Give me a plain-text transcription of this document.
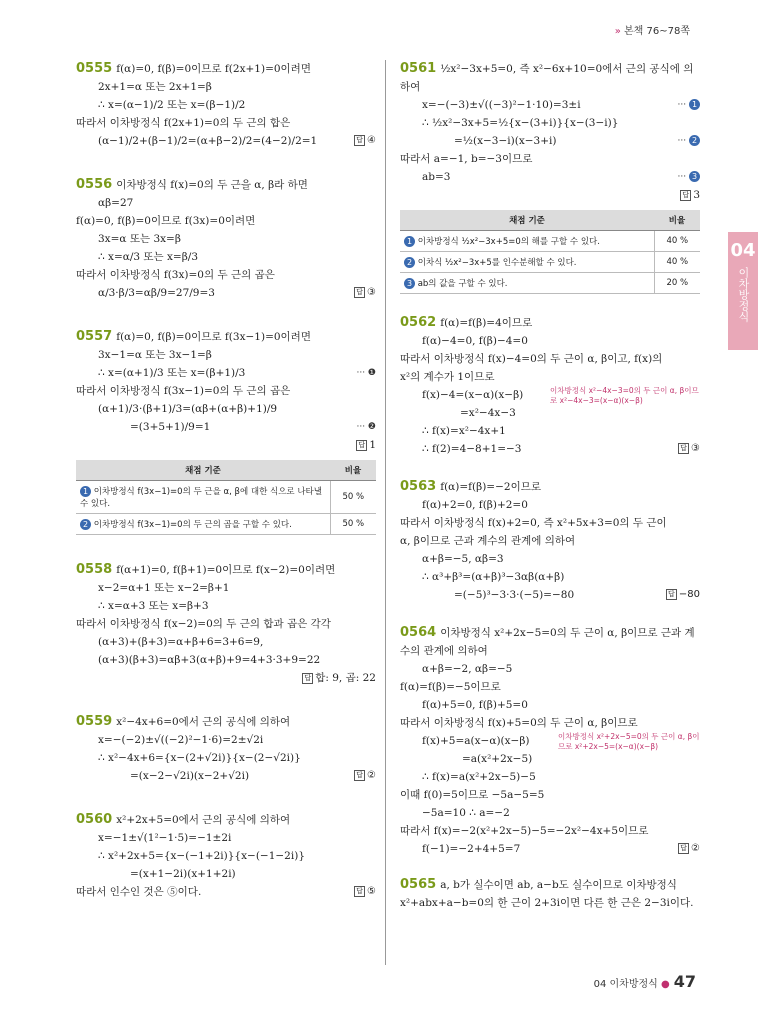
» 본책 76~78쪽
04
이차방정식
0555 f(α)=0, f(β)=0이므로 f(2x+1)=0이려면
2x+1=α 또는 2x+1=β
∴ x=(α−1)/2 또는 x=(β−1)/2
따라서 이차방정식 f(2x+1)=0의 두 근의 합은
(α−1)/2+(β−1)/2=(α+β−2)/2=(4−2)/2=1	답 ④
0556 이차방정식 f(x)=0의 두 근을 α, β라 하면
αβ=27
f(α)=0, f(β)=0이므로 f(3x)=0이려면
3x=α 또는 3x=β
∴ x=α/3 또는 x=β/3
따라서 이차방정식 f(3x)=0의 두 근의 곱은
α/3·β/3=αβ/9=27/9=3	답 ③
0557 f(α)=0, f(β)=0이므로 f(3x−1)=0이려면
3x−1=α 또는 3x−1=β
∴ x=(α+1)/3 또는 x=(β+1)/3	··· ❶
따라서 이차방정식 f(3x−1)=0의 두 근의 곱은
(α+1)/3·(β+1)/3=(αβ+(α+β)+1)/9
=(3+5+1)/9=1	··· ❷
답 1
채점 기준	비율
1 이차방정식 f(3x−1)=0의 두 근을 α, β에 대한 식으로 나타낼 수 있다.	50 %
2 이차방정식 f(3x−1)=0의 두 근의 곱을 구할 수 있다.	50 %
0558 f(α+1)=0, f(β+1)=0이므로 f(x−2)=0이려면
x−2=α+1 또는 x−2=β+1
∴ x=α+3 또는 x=β+3
따라서 이차방정식 f(x−2)=0의 두 근의 합과 곱은 각각
(α+3)+(β+3)=α+β+6=3+6=9,
(α+3)(β+3)=αβ+3(α+β)+9=4+3·3+9=22
답 합: 9, 곱: 22
0559 x²−4x+6=0에서 근의 공식에 의하여
x=−(−2)±√((−2)²−1·6)=2±√2i
∴ x²−4x+6={x−(2+√2i)}{x−(2−√2i)}
=(x−2−√2i)(x−2+√2i)	답 ②
0560 x²+2x+5=0에서 근의 공식에 의하여
x=−1±√(1²−1·5)=−1±2i
∴ x²+2x+5={x−(−1+2i)}{x−(−1−2i)}
=(x+1−2i)(x+1+2i)
따라서 인수인 것은 ⑤이다.	답 ⑤
0561 ½x²−3x+5=0, 즉 x²−6x+10=0에서 근의 공식에 의
하여
x=−(−3)±√((−3)²−1·10)=3±i	··· 1
∴ ½x²−3x+5=½{x−(3+i)}{x−(3−i)}
=½(x−3−i)(x−3+i)	··· 2
따라서 a=−1, b=−3이므로
ab=3	··· 3
답 3
채점 기준	비율
1 이차방정식 ½x²−3x+5=0의 해를 구할 수 있다.	40 %
2 이차식 ½x²−3x+5를 인수분해할 수 있다.	40 %
3 ab의 값을 구할 수 있다.	20 %
0562 f(α)=f(β)=4이므로
f(α)−4=0, f(β)−4=0
따라서 이차방정식 f(x)−4=0의 두 근이 α, β이고, f(x)의
x²의 계수가 1이므로
f(x)−4=(x−α)(x−β)
=x²−4x−3
이차방정식 x²−4x−3=0의 두 근이 α, β이므로 x²−4x−3=(x−α)(x−β)
∴ f(x)=x²−4x+1
∴ f(2)=4−8+1=−3	답 ③
0563 f(α)=f(β)=−2이므로
f(α)+2=0, f(β)+2=0
따라서 이차방정식 f(x)+2=0, 즉 x²+5x+3=0의 두 근이
α, β이므로 근과 계수의 관계에 의하여
α+β=−5, αβ=3
∴ α³+β³=(α+β)³−3αβ(α+β)
=(−5)³−3·3·(−5)=−80	답 −80
0564 이차방정식 x²+2x−5=0의 두 근이 α, β이므로 근과 계
수의 관계에 의하여
α+β=−2, αβ=−5
f(α)=f(β)=−5이므로
f(α)+5=0, f(β)+5=0
따라서 이차방정식 f(x)+5=0의 두 근이 α, β이므로
f(x)+5=a(x−α)(x−β)
=a(x²+2x−5)
이차방정식 x²+2x−5=0의 두 근이 α, β이므로 x²+2x−5=(x−α)(x−β)
∴ f(x)=a(x²+2x−5)−5
이때 f(0)=5이므로 −5a−5=5
−5a=10 ∴ a=−2
따라서 f(x)=−2(x²+2x−5)−5=−2x²−4x+5이므로
f(−1)=−2+4+5=7	답 ②
0565 a, b가 실수이면 ab, a−b도 실수이므로 이차방정식
x²+abx+a−b=0의 한 근이 2+3i이면 다른 한 근은 2−3i이다.
04 이차방정식 ● 47
